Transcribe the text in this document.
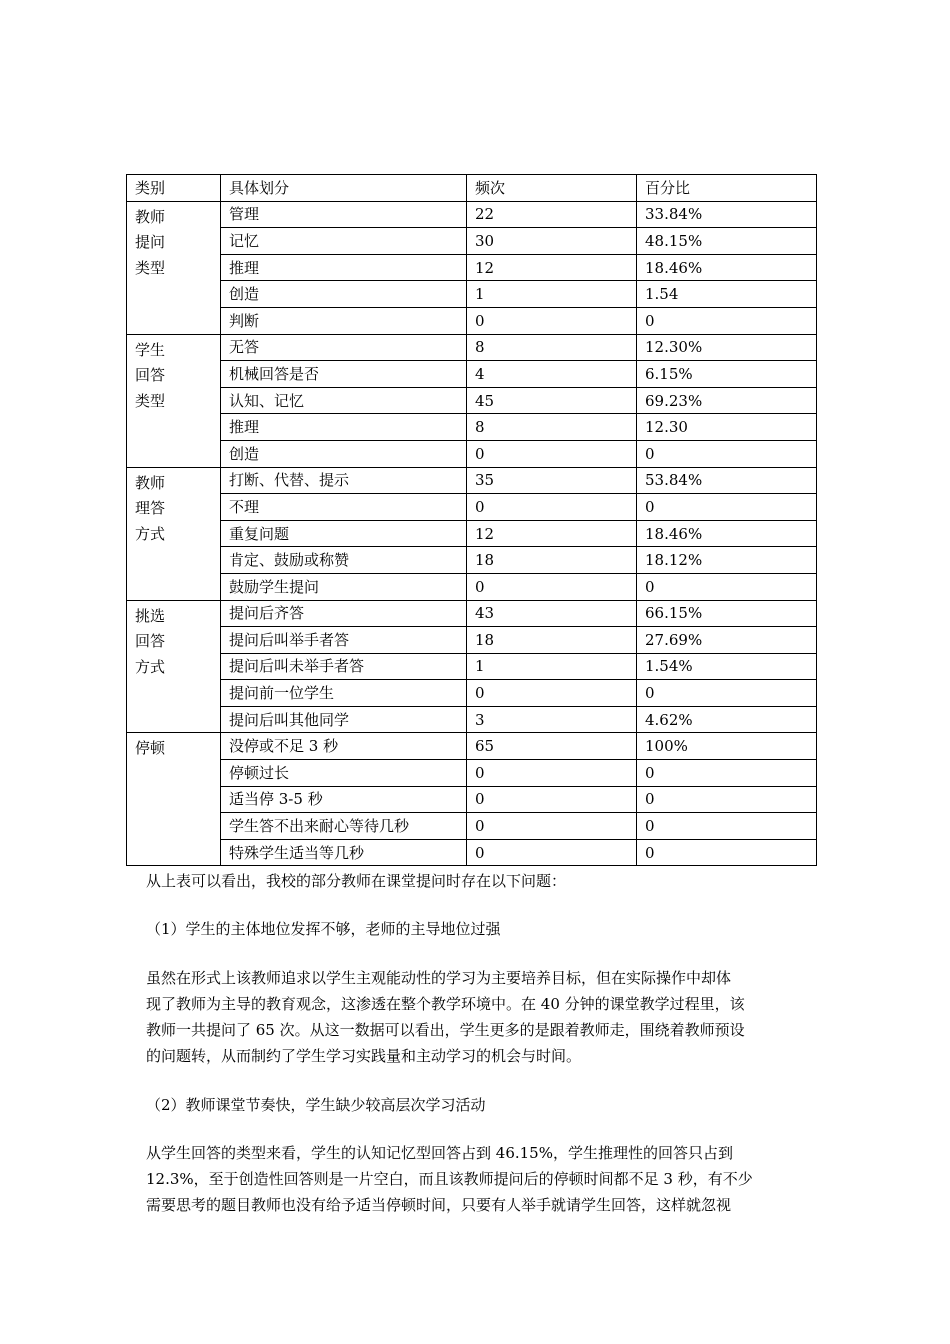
类别	具体划分	频次	百分比

教师
提问
类型	管理	22	33.84%
	记忆	30	48.15%
	推理	12	18.46%
	创造	1	1.54
	判断	0	0

学生
回答
类型	无答	8	12.30%
	机械回答是否	4	6.15%
	认知、记忆	45	69.23%
	推理	8	12.30
	创造	0	0

教师
理答
方式	打断、代替、提示	35	53.84%
	不理	0	0
	重复问题	12	18.46%
	肯定、鼓励或称赞	18	18.12%
	鼓励学生提问	0	0

挑选
回答
方式	提问后齐答	43	66.15%
	提问后叫举手者答	18	27.69%
	提问后叫未举手者答	1	1.54%
	提问前一位学生	0	0
	提问后叫其他同学	3	4.62%

停顿	没停或不足 3 秒	65	100%
	停顿过长	0	0
	适当停 3-5 秒	0	0
	学生答不出来耐心等待几秒	0	0
	特殊学生适当等几秒	0	0
从上表可以看出，我校的部分教师在课堂提问时存在以下问题：
（1）学生的主体地位发挥不够，老师的主导地位过强
虽然在形式上该教师追求以学生主观能动性的学习为主要培养目标，但在实际操作中却体
现了教师为主导的教育观念，这渗透在整个教学环境中。在 40 分钟的课堂教学过程里，该
教师一共提问了 65 次。从这一数据可以看出，学生更多的是跟着教师走，围绕着教师预设
的问题转，从而制约了学生学习实践量和主动学习的机会与时间。
（2）教师课堂节奏快，学生缺少较高层次学习活动
从学生回答的类型来看，学生的认知记忆型回答占到 46.15%，学生推理性的回答只占到
12.3%，至于创造性回答则是一片空白，而且该教师提问后的停顿时间都不足 3 秒，有不少
需要思考的题目教师也没有给予适当停顿时间，只要有人举手就请学生回答，这样就忽视
